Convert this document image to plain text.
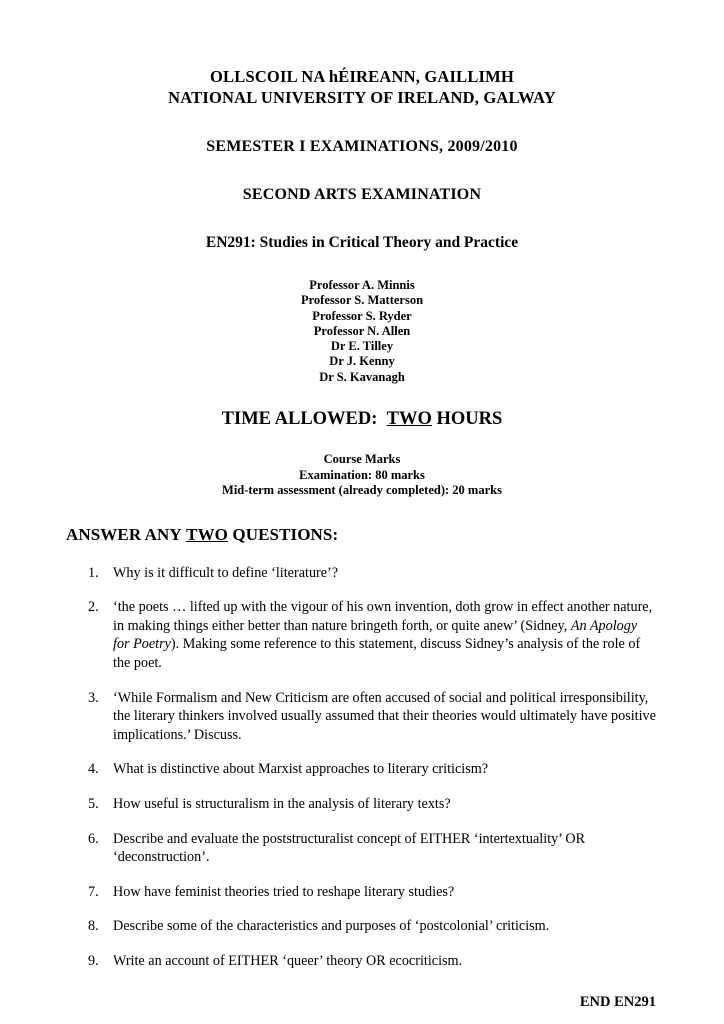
OLLSCOIL NA hÉIREANN, GAILLIMH
NATIONAL UNIVERSITY OF IRELAND, GALWAY
SEMESTER I EXAMINATIONS, 2009/2010
SECOND ARTS EXAMINATION
EN291: Studies in Critical Theory and Practice
Professor A. Minnis
Professor S. Matterson
Professor S. Ryder
Professor N. Allen
Dr E. Tilley
Dr J. Kenny
Dr S. Kavanagh
TIME ALLOWED: TWO HOURS
Course Marks
Examination: 80 marks
Mid-term assessment (already completed): 20 marks
ANSWER ANY TWO QUESTIONS:
1.	Why is it difficult to define ‘literature’?
2.	‘the poets … lifted up with the vigour of his own invention, doth grow in effect another nature, in making things either better than nature bringeth forth, or quite anew’ (Sidney, An Apology for Poetry). Making some reference to this statement, discuss Sidney’s analysis of the role of the poet.
3.	‘While Formalism and New Criticism are often accused of social and political irresponsibility, the literary thinkers involved usually assumed that their theories would ultimately have positive implications.’ Discuss.
4.	What is distinctive about Marxist approaches to literary criticism?
5.	How useful is structuralism in the analysis of literary texts?
6.	Describe and evaluate the poststructuralist concept of EITHER ‘intertextuality’ OR ‘deconstruction’.
7.	How have feminist theories tried to reshape literary studies?
8.	Describe some of the characteristics and purposes of ‘postcolonial’ criticism.
9.	Write an account of EITHER ‘queer’ theory OR ecocriticism.
END EN291
